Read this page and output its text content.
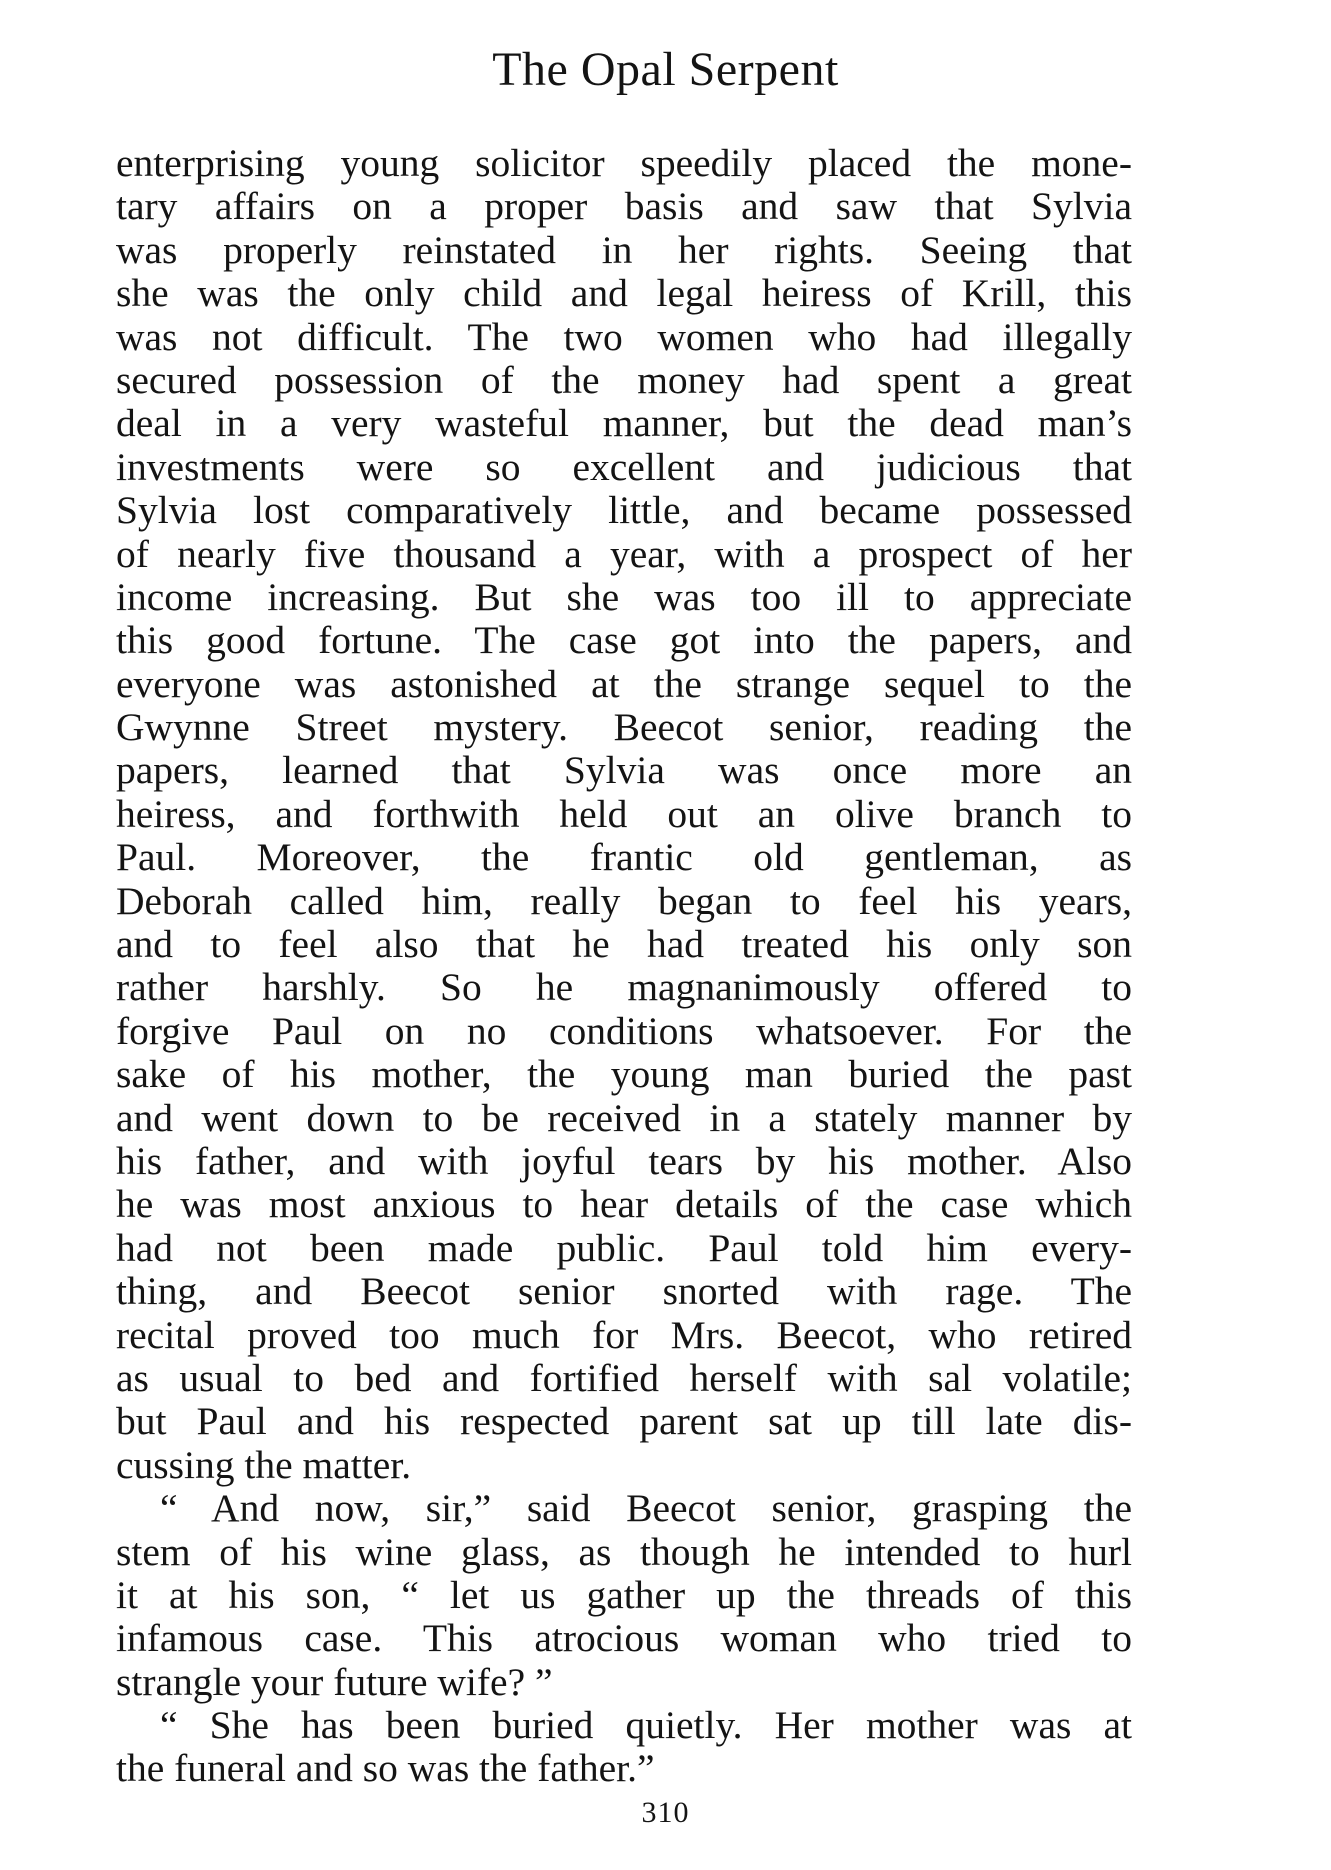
The Opal Serpent
enterprising young solicitor speedily placed the mone-
tary affairs on a proper basis and saw that Sylvia
was properly reinstated in her rights. Seeing that
she was the only child and legal heiress of Krill, this
was not difficult. The two women who had illegally
secured possession of the money had spent a great
deal in a very wasteful manner, but the dead man’s
investments were so excellent and judicious that
Sylvia lost comparatively little, and became possessed
of nearly five thousand a year, with a prospect of her
income increasing. But she was too ill to appreciate
this good fortune. The case got into the papers, and
everyone was astonished at the strange sequel to the
Gwynne Street mystery. Beecot senior, reading the
papers, learned that Sylvia was once more an
heiress, and forthwith held out an olive branch to
Paul. Moreover, the frantic old gentleman, as
Deborah called him, really began to feel his years,
and to feel also that he had treated his only son
rather harshly. So he magnanimously offered to
forgive Paul on no conditions whatsoever. For the
sake of his mother, the young man buried the past
and went down to be received in a stately manner by
his father, and with joyful tears by his mother. Also
he was most anxious to hear details of the case which
had not been made public. Paul told him every-
thing, and Beecot senior snorted with rage. The
recital proved too much for Mrs. Beecot, who retired
as usual to bed and fortified herself with sal volatile;
but Paul and his respected parent sat up till late dis-
cussing the matter.
“ And now, sir,” said Beecot senior, grasping the
stem of his wine glass, as though he intended to hurl
it at his son, “ let us gather up the threads of this
infamous case. This atrocious woman who tried to
strangle your future wife? ”
“ She has been buried quietly. Her mother was at
the funeral and so was the father.”
310
